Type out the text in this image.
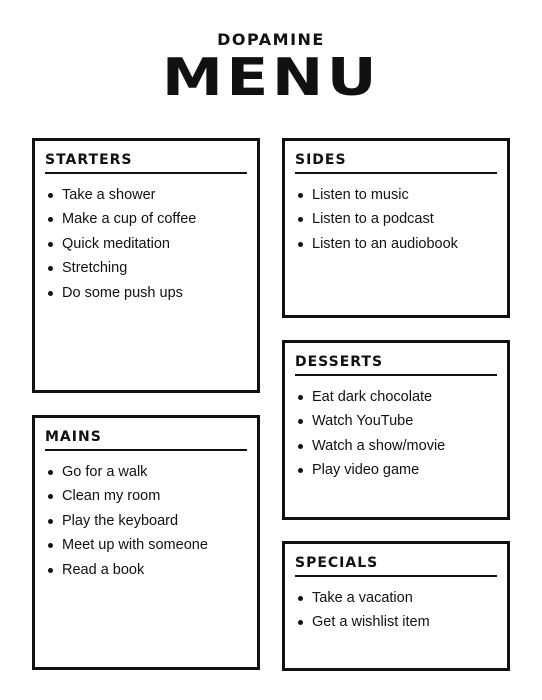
DOPAMINE
MENU
STARTERS
Take a shower
Make a cup of coffee
Quick meditation
Stretching
Do some push ups
SIDES
Listen to music
Listen to a podcast
Listen to an audiobook
DESSERTS
Eat dark chocolate
Watch YouTube
Watch a show/movie
Play video game
MAINS
Go for a walk
Clean my room
Play the keyboard
Meet up with someone
Read a book	SPECIALS
Take a vacation
Get a wishlist item
